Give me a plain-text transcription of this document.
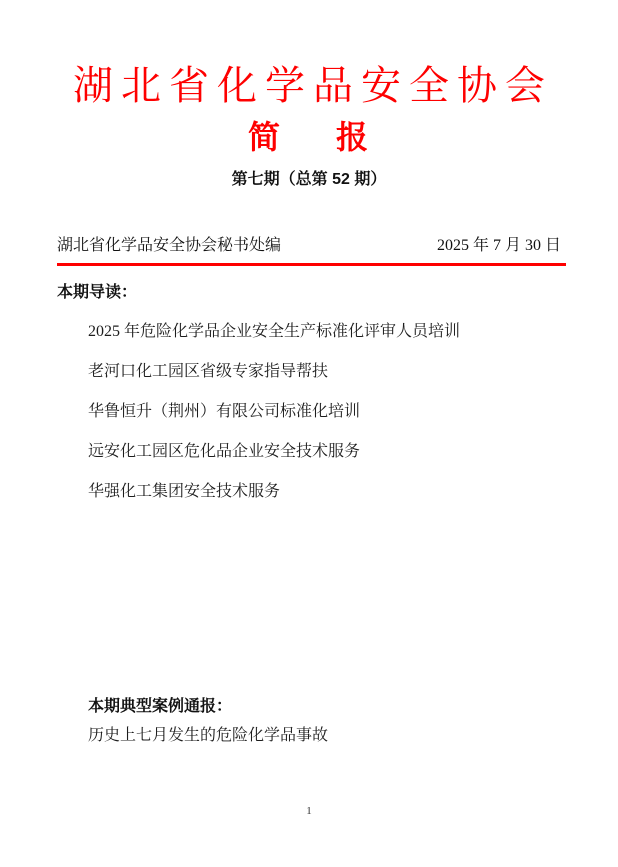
湖北省化学品安全协会
简 报
第七期（总第 52 期）
湖北省化学品安全协会秘书处编	2025 年 7 月 30 日
本期导读：
2025 年危险化学品企业安全生产标准化评审人员培训
老河口化工园区省级专家指导帮扶
华鲁恒升（荆州）有限公司标准化培训
远安化工园区危化品企业安全技术服务
华强化工集团安全技术服务
本期典型案例通报：
历史上七月发生的危险化学品事故
1
